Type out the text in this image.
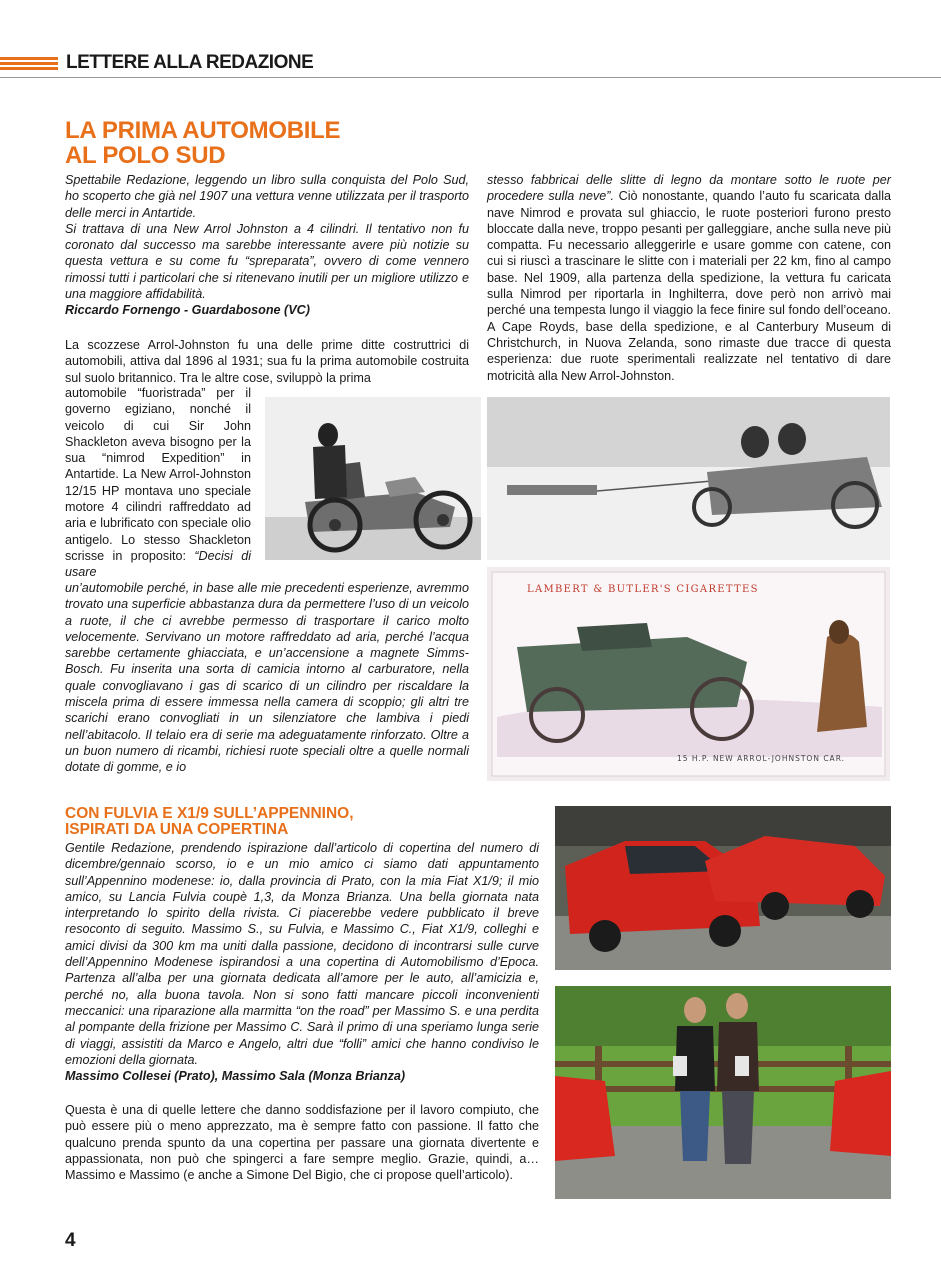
LETTERE ALLA REDAZIONE
LA PRIMA AUTOMOBILE
AL POLO SUD

Spettabile Redazione, leggendo un libro sulla conquista del Polo Sud, ho scoperto che già nel 1907 una vettura venne utilizzata per il trasporto delle merci in Antartide.

Si trattava di una New Arrol Johnston a 4 cilindri. Il tentativo non fu coronato dal successo ma sarebbe interessante avere più notizie su questa vettura e su come fu “spreparata”, ovvero di come vennero rimossi tutti i particolari che si ritenevano inutili per un migliore utilizzo e una maggiore affidabilità.

Riccardo Fornengo - Guardabosone (VC)

La scozzese Arrol-Johnston fu una delle prime ditte costruttrici di automobili, attiva dal 1896 al 1931; sua fu la prima automobile costruita sul suolo britannico. Tra le altre cose, sviluppò la prima

automobile “fuoristrada” per il governo egiziano, nonché il veicolo di cui Sir John Shackleton aveva bisogno per la sua “nimrod Expedition” in Antartide. La New Arrol-Johnston 12/15 HP montava uno speciale motore 4 cilindri raffreddato ad aria e lubrificato con speciale olio antigelo. Lo stesso Shackleton scrisse in proposito: “Decisi di usare

un’automobile perché, in base alle mie precedenti esperienze, avremmo trovato una superficie abbastanza dura da permettere l’uso di un veicolo a ruote, il che ci avrebbe permesso di trasportare il carico molto velocemente. Servivano un motore raffreddato ad aria, perché l’acqua sarebbe certamente ghiacciata, e un’accensione a magnete Simms-Bosch. Fu inserita una sorta di camicia intorno al carburatore, nella quale convogliavano i gas di scarico di un cilindro per riscaldare la miscela prima di essere immessa nella camera di scoppio; gli altri tre scarichi erano convogliati in un silenziatore che lambiva i piedi nell’abitacolo. Il telaio era di serie ma adeguatamente rinforzato. Oltre a un buon numero di ricambi, richiesi ruote speciali oltre a quelle normali dotate di gomme, e io

stesso fabbricai delle slitte di legno da montare sotto le ruote per procedere sulla neve”. Ciò nonostante, quando l’auto fu scaricata dalla nave Nimrod e provata sul ghiaccio, le ruote posteriori furono presto bloccate dalla neve, troppo pesanti per galleggiare, anche sulla neve più compatta. Fu necessario alleggerirle e usare gomme con catene, con cui si riuscì a trascinare le slitte con i materiali per 22 km, fino al campo base. Nel 1909, alla partenza della spedizione, la vettura fu caricata sulla Nimrod per riportarla in Inghilterra, dove però non arrivò mai perché una tempesta lungo il viaggio la fece finire sul fondo dell’oceano. A Cape Royds, base della spedizione, e al Canterbury Museum di Christchurch, in Nuova Zelanda, sono rimaste due tracce di questa esperienza: due ruote sperimentali realizzate nel tentativo di dare motricità alla New Arrol-Johnston.

LAMBERT & BUTLER'S CIGARETTES
15 H.P. NEW ARROL-JOHNSTON CAR.
CON FULVIA E X1/9 SULL’APPENNINO,
ISPIRATI DA UNA COPERTINA

Gentile Redazione, prendendo ispirazione dall’articolo di copertina del numero di dicembre/gennaio scorso, io e un mio amico ci siamo dati appuntamento sull’Appennino modenese: io, dalla provincia di Prato, con la mia Fiat X1/9; il mio amico, su Lancia Fulvia coupè 1,3, da Monza Brianza. Una bella giornata nata interpretando lo spirito della rivista. Ci piacerebbe vedere pubblicato il breve resoconto di seguito. Massimo S., su Fulvia, e Massimo C., Fiat X1/9, colleghi e amici divisi da 300 km ma uniti dalla passione, decidono di incontrarsi sulle curve dell’Appennino Modenese ispirandosi a una copertina di Automobilismo d’Epoca. Partenza all’alba per una giornata dedicata all’amore per le auto, all’amicizia e, perché no, alla buona tavola. Non si sono fatti mancare piccoli inconvenienti meccanici: una riparazione alla marmitta “on the road” per Massimo S. e una perdita al pompante della frizione per Massimo C. Sarà il primo di una speriamo lunga serie di viaggi, assistiti da Marco e Angelo, altri due “folli” amici che hanno condiviso le emozioni della giornata.

Massimo Collesei (Prato), Massimo Sala (Monza Brianza)

Questa è una di quelle lettere che danno soddisfazione per il lavoro compiuto, che può essere più o meno apprezzato, ma è sempre fatto con passione. Il fatto che qualcuno prenda spunto da una copertina per passare una giornata divertente e appassionata, non può che spingerci a fare sempre meglio. Grazie, quindi, a… Massimo e Massimo (e anche a Simone Del Bigio, che ci propose quell’articolo).

4
